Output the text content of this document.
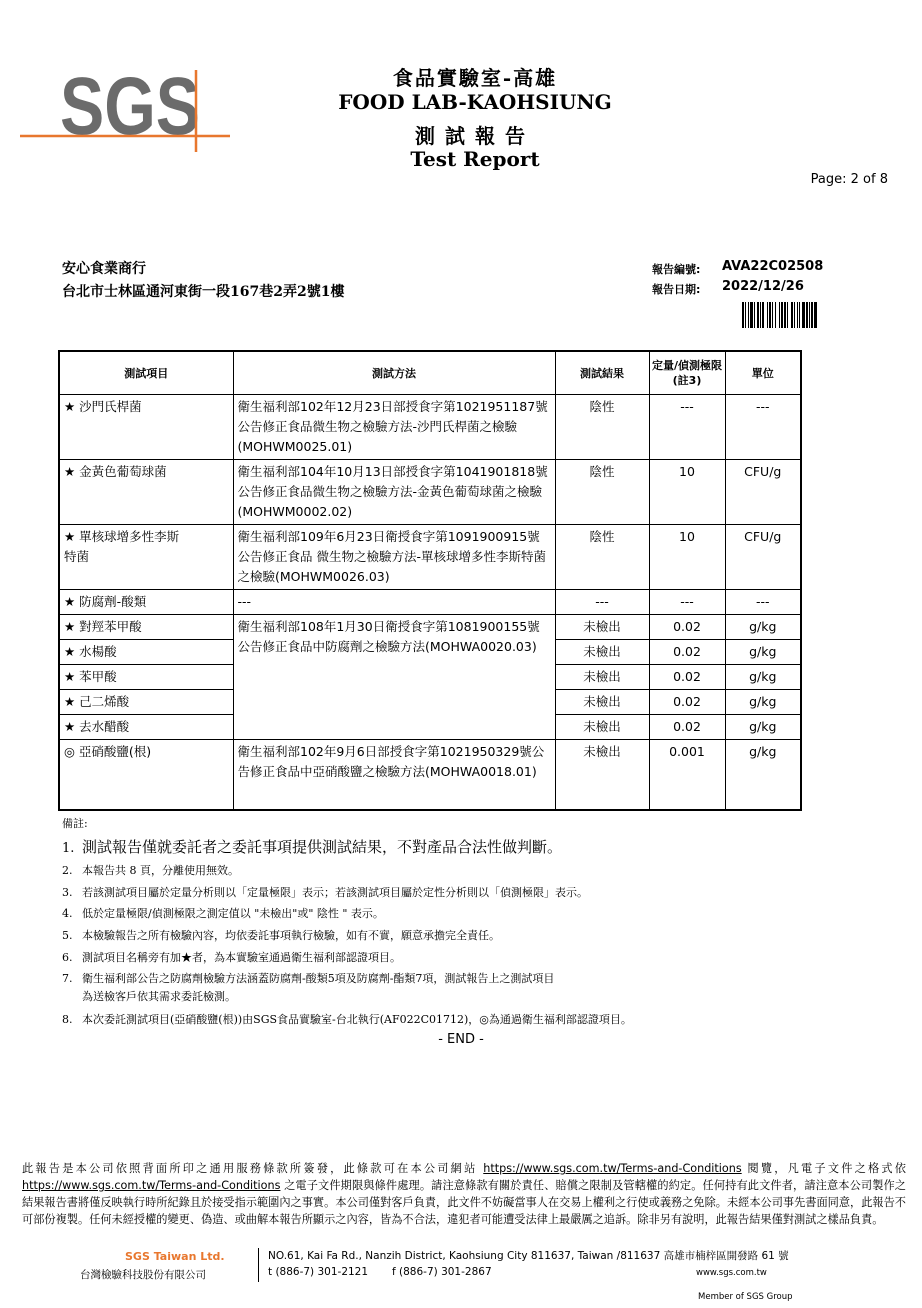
SGS	食品實驗室-高雄
FOOD LAB-KAOHSIUNG
測試報告
Test Report
Page: 2 of 8
安心食業商行
台北市士林區通河東街一段167巷2弄2號1樓
報告編號: AVA22C02508
報告日期: 2022/12/26
測試項目	測試方法	測試結果	定量/偵測極限(註3)	單位
★ 沙門氏桿菌	衛生福利部102年12月23日部授食字第1021951187號公告修正食品微生物之檢驗方法-沙門氏桿菌之檢驗(MOHWM0025.01)	陰性	---	---
★ 金黃色葡萄球菌	衛生福利部104年10月13日部授食字第1041901818號公告修正食品微生物之檢驗方法-金黃色葡萄球菌之檢驗(MOHWM0002.02)	陰性	10	CFU/g
★ 單核球增多性李斯特菌	衛生福利部109年6月23日衛授食字第1091900915號公告修正食品 微生物之檢驗方法-單核球增多性李斯特菌之檢驗(MOHWM0026.03)	陰性	10	CFU/g
★ 防腐劑-酸類	---	---	---	---
★ 對羥苯甲酸	衛生福利部108年1月30日衛授食字第1081900155號公告修正食品中防腐劑之檢驗方法(MOHWA0020.03)	未檢出	0.02	g/kg
★ 水楊酸		未檢出	0.02	g/kg
★ 苯甲酸		未檢出	0.02	g/kg
★ 己二烯酸		未檢出	0.02	g/kg
★ 去水醋酸		未檢出	0.02	g/kg
◎ 亞硝酸鹽(根)	衛生福利部102年9月6日部授食字第1021950329號公告修正食品中亞硝酸鹽之檢驗方法(MOHWA0018.01)	未檢出	0.001	g/kg
備註:
1. 測試報告僅就委託者之委託事項提供測試結果，不對產品合法性做判斷。
2. 本報告共 8 頁，分離使用無效。
3. 若該測試項目屬於定量分析則以「定量極限」表示；若該測試項目屬於定性分析則以「偵測極限」表示。
4. 低於定量極限/偵測極限之測定值以 "未檢出"或" 陰性 " 表示。
5. 本檢驗報告之所有檢驗內容，均依委託事項執行檢驗，如有不實，願意承擔完全責任。
6. 測試項目名稱旁有加★者，為本實驗室通過衛生福利部認證項目。
7. 衛生福利部公告之防腐劑檢驗方法涵蓋防腐劑-酸類5項及防腐劑-酯類7項，測試報告上之測試項目
為送檢客戶依其需求委託檢測。
8. 本次委託測試項目(亞硝酸鹽(根))由SGS食品實驗室-台北執行(AF022C01712)，◎為通過衛生福利部認證項目。
- END -
此報告是本公司依照背面所印之通用服務條款所簽發，此條款可在本公司網站 https://www.sgs.com.tw/Terms-and-Conditions 閱覽，凡電子文件之格式依 https://www.sgs.com.tw/Terms-and-Conditions 之電子文件期限與條件處理。請注意條款有關於責任、賠償之限制及管轄權的約定。任何持有此文件者，請注意本公司製作之結果報告書將僅反映執行時所紀錄且於接受指示範圍內之事實。本公司僅對客戶負責，此文件不妨礙當事人在交易上權利之行使或義務之免除。未經本公司事先書面同意，此報告不可部份複製。任何未經授權的變更、偽造、或曲解本報告所顯示之內容，皆為不合法，違犯者可能遭受法律上最嚴厲之追訴。除非另有說明，此報告結果僅對測試之樣品負責。
SGS Taiwan Ltd.
台灣檢驗科技股份有限公司
NO.61, Kai Fa Rd., Nanzih District, Kaohsiung City 811637, Taiwan /811637 高雄市楠梓區開發路 61 號
t (886-7) 301-2121 f (886-7) 301-2867	www.sgs.com.tw
Member of SGS Group
